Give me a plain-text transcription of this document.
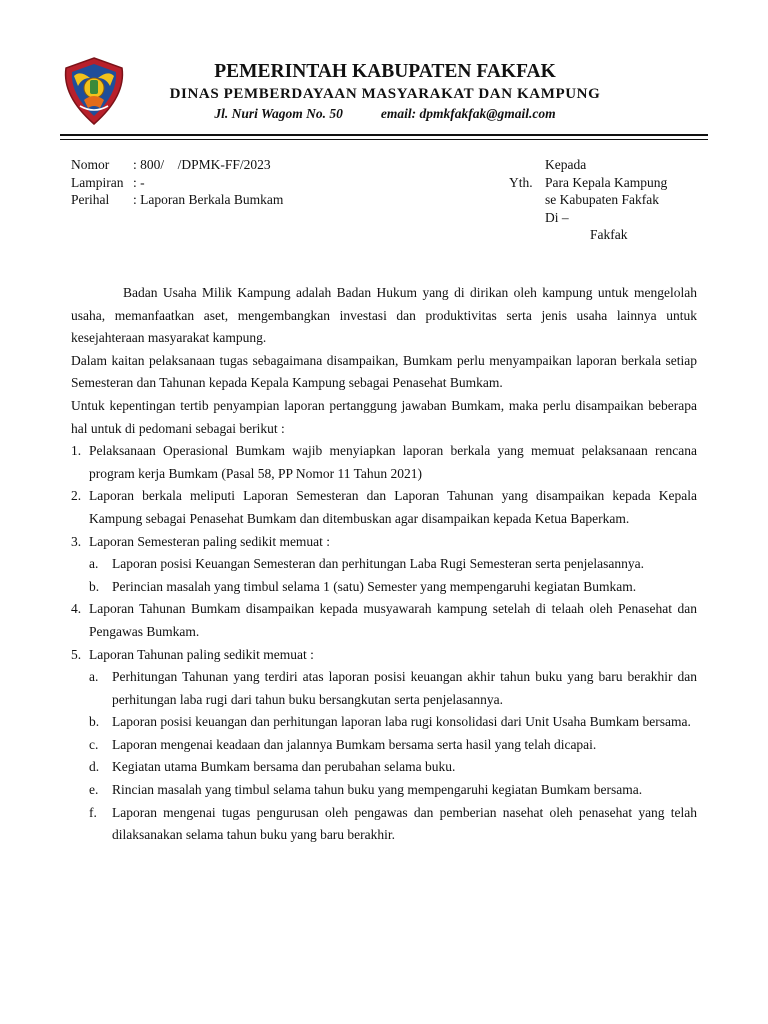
PEMERINTAH KABUPATEN FAKFAK
DINAS PEMBERDAYAAN MASYARAKAT DAN KAMPUNG
Jl. Nuri Wagom No. 50	email: dpmkfakfak@gmail.com
Nomor	: 800/    /DPMK-FF/2023
Lampiran : -
Perihal	: Laporan Berkala Bumkam
Kepada
Yth. Para Kepala Kampung
se Kabupaten Fakfak
Di –
Fakfak

Badan Usaha Milik Kampung adalah Badan Hukum yang di dirikan oleh kampung untuk mengelolah usaha, memanfaatkan aset, mengembangkan investasi dan produktivitas serta jenis usaha lainnya untuk kesejahteraan masyarakat kampung.

Dalam kaitan pelaksanaan tugas sebagaimana disampaikan, Bumkam perlu menyampaikan laporan berkala setiap Semesteran dan Tahunan kepada Kepala Kampung sebagai Penasehat Bumkam.

Untuk kepentingan tertib penyampian laporan pertanggung jawaban Bumkam, maka perlu disampaikan beberapa hal untuk di pedomani sebagai berikut :

1. Pelaksanaan Operasional Bumkam wajib menyiapkan laporan berkala yang memuat pelaksanaan rencana program kerja Bumkam (Pasal 58, PP Nomor 11 Tahun 2021)
2. Laporan berkala meliputi Laporan Semesteran dan Laporan Tahunan yang disampaikan kepada Kepala Kampung sebagai Penasehat Bumkam dan ditembuskan agar disampaikan kepada Ketua Baperkam.
3. Laporan Semesteran paling sedikit memuat :
a. Laporan posisi Keuangan Semesteran dan perhitungan Laba Rugi Semesteran serta penjelasannya.
b. Perincian masalah yang timbul selama 1 (satu) Semester yang mempengaruhi kegiatan Bumkam.
4. Laporan Tahunan Bumkam disampaikan kepada musyawarah kampung setelah di telaah oleh Penasehat dan Pengawas Bumkam.
5. Laporan Tahunan paling sedikit memuat :
a. Perhitungan Tahunan yang terdiri atas laporan posisi keuangan akhir tahun buku yang baru berakhir dan perhitungan laba rugi dari tahun buku bersangkutan serta penjelasannya.
b. Laporan posisi keuangan dan perhitungan laporan laba rugi konsolidasi dari Unit Usaha Bumkam bersama.
c. Laporan mengenai keadaan dan jalannya Bumkam bersama serta hasil yang telah dicapai.
d. Kegiatan utama Bumkam bersama dan perubahan selama buku.
e. Rincian masalah yang timbul selama tahun buku yang mempengaruhi kegiatan Bumkam bersama.
f. Laporan mengenai tugas pengurusan oleh pengawas dan pemberian nasehat oleh penasehat yang telah dilaksanakan selama tahun buku yang baru berakhir.
